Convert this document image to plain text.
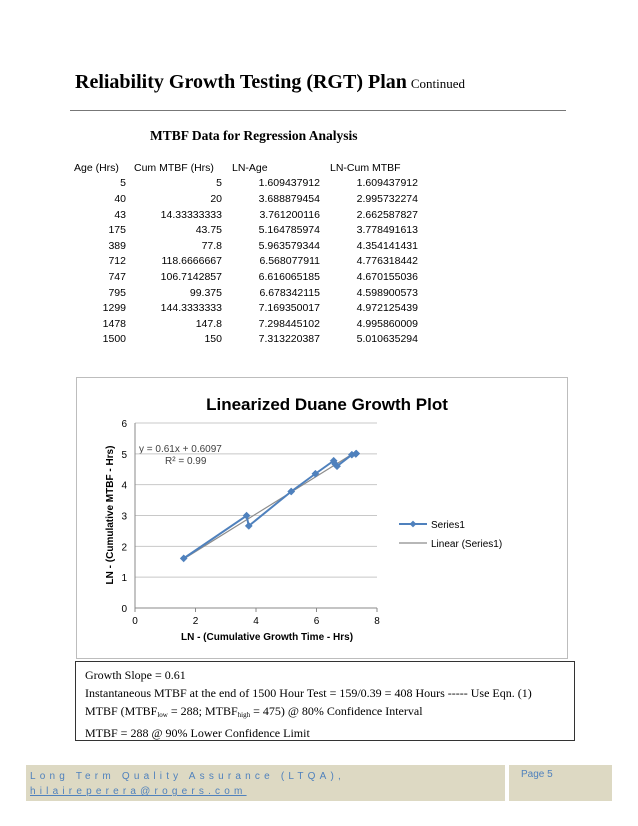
Reliability Growth Testing (RGT) Plan Continued
MTBF Data for Regression Analysis
Age (Hrs)	Cum MTBF (Hrs)	LN-Age	LN-Cum MTBF
5	5	1.609437912	1.609437912
40	20	3.688879454	2.995732274
43	14.33333333	3.761200116	2.662587827
175	43.75	5.164785974	3.778491613
389	77.8	5.963579344	4.354141431
712	118.6666667	6.568077911	4.776318442
747	106.7142857	6.616065185	4.670155036
795	99.375	6.678342115	4.598900573
1299	144.3333333	7.169350017	4.972125439
1478	147.8	7.298445102	4.995860009
1500	150	7.313220387	5.010635294
Linearized Duane Growth Plot
LN - (Cumulative Growth Time - Hrs)
LN - (Cumulative MTBF - Hrs) y = 0.61x + 0.6097
R² = 0.99
0
1
2
3
4
5
6
0	2	4	6	8
Series1
Linear (Series1)
Growth Slope = 0.61
Instantaneous MTBF at the end of 1500 Hour Test = 159/0.39 = 408 Hours ----- Use Eqn. (1)
MTBF ($MTBF_{low} = 288$; $MTBF_{high} = 475$) @ 80% Confidence Interval
MTBF = 288 @ 90% Lower Confidence Limit
Long Term Quality Assurance (LTQA),
hilaireperera@rogers.com
Page 5
